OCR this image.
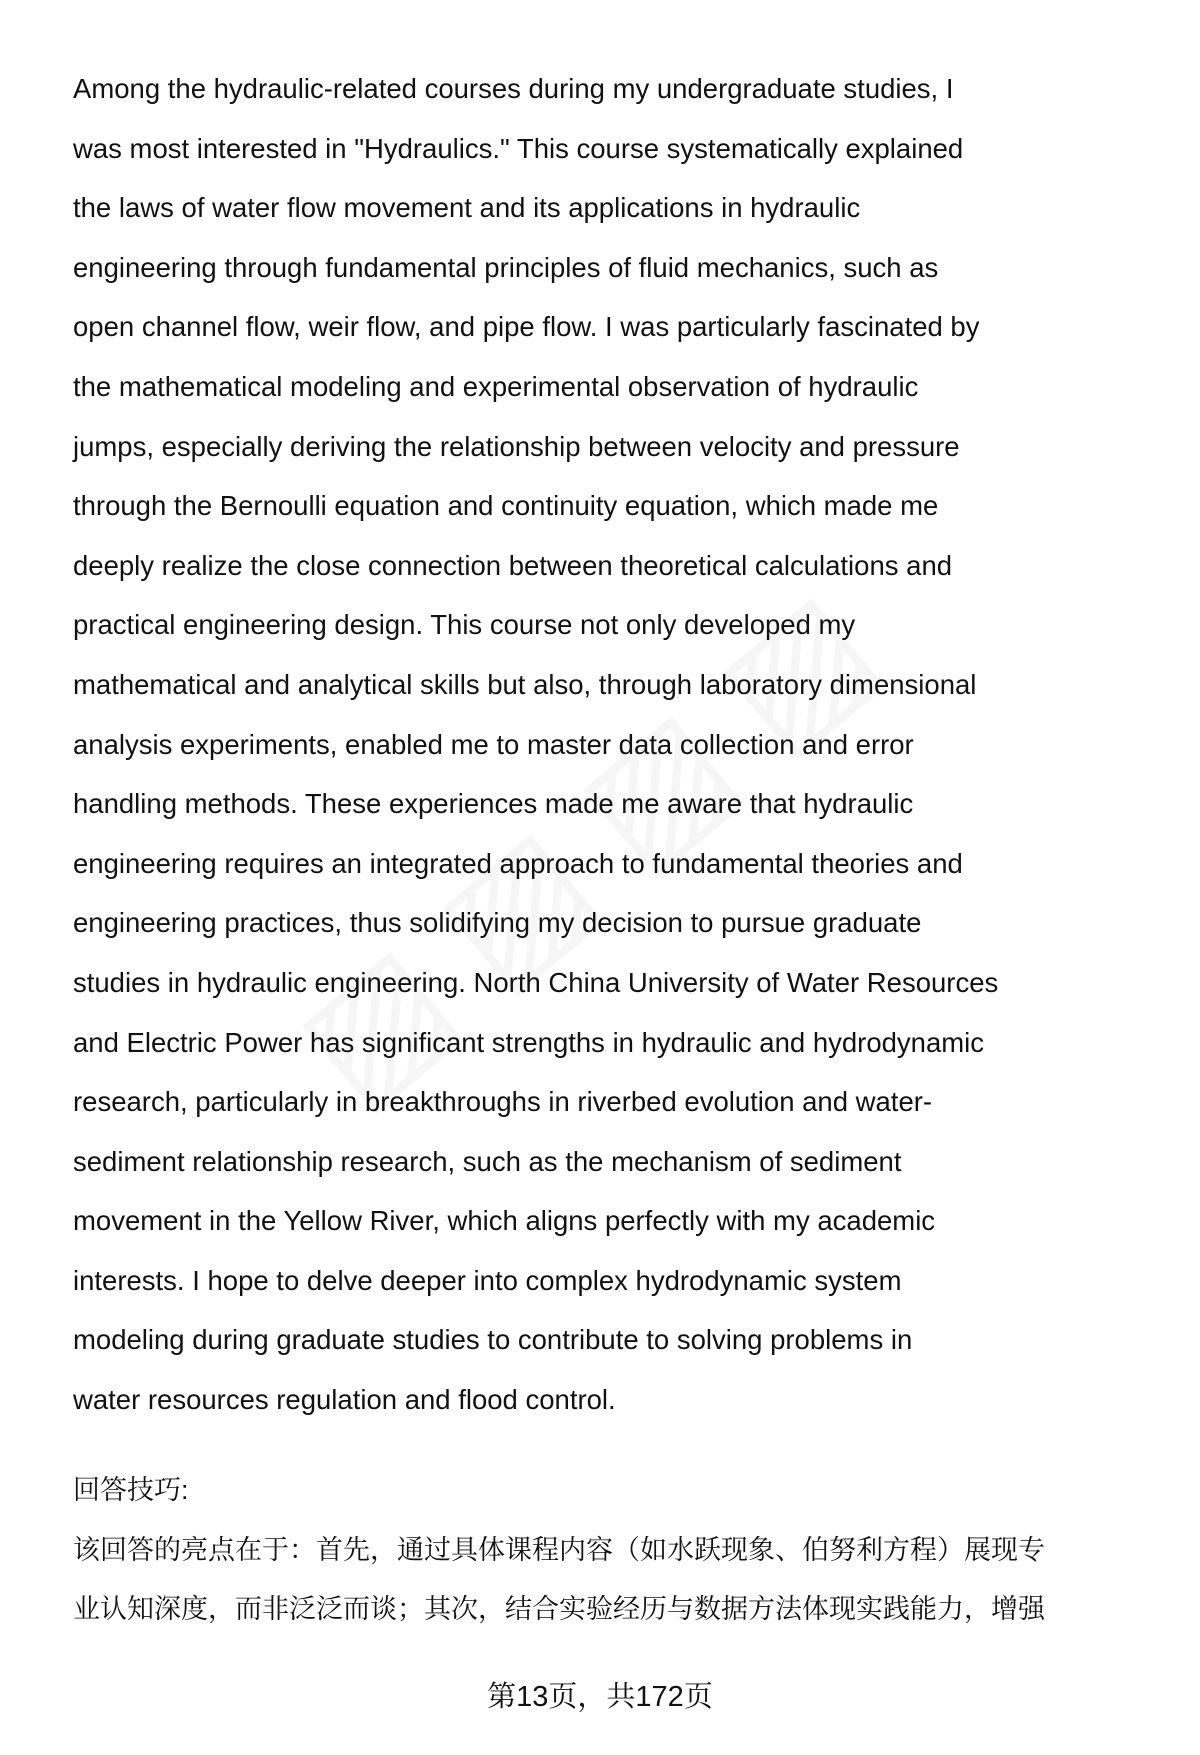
Among the hydraulic-related courses during my undergraduate studies, I
was most interested in "Hydraulics." This course systematically explained
the laws of water flow movement and its applications in hydraulic
engineering through fundamental principles of fluid mechanics, such as
open channel flow, weir flow, and pipe flow. I was particularly fascinated by
the mathematical modeling and experimental observation of hydraulic
jumps, especially deriving the relationship between velocity and pressure
through the Bernoulli equation and continuity equation, which made me
deeply realize the close connection between theoretical calculations and
practical engineering design. This course not only developed my
mathematical and analytical skills but also, through laboratory dimensional
analysis experiments, enabled me to master data collection and error
handling methods. These experiences made me aware that hydraulic
engineering requires an integrated approach to fundamental theories and
engineering practices, thus solidifying my decision to pursue graduate
studies in hydraulic engineering. North China University of Water Resources
and Electric Power has significant strengths in hydraulic and hydrodynamic
research, particularly in breakthroughs in riverbed evolution and water-
sediment relationship research, such as the mechanism of sediment
movement in the Yellow River, which aligns perfectly with my academic
interests. I hope to delve deeper into complex hydrodynamic system
modeling during graduate studies to contribute to solving problems in
water resources regulation and flood control.
回答技巧:
该回答的亮点在于：首先，通过具体课程内容（如水跃现象、伯努利方程）展现专
业认知深度，而非泛泛而谈；其次，结合实验经历与数据方法体现实践能力，增强
第13页，共172页
